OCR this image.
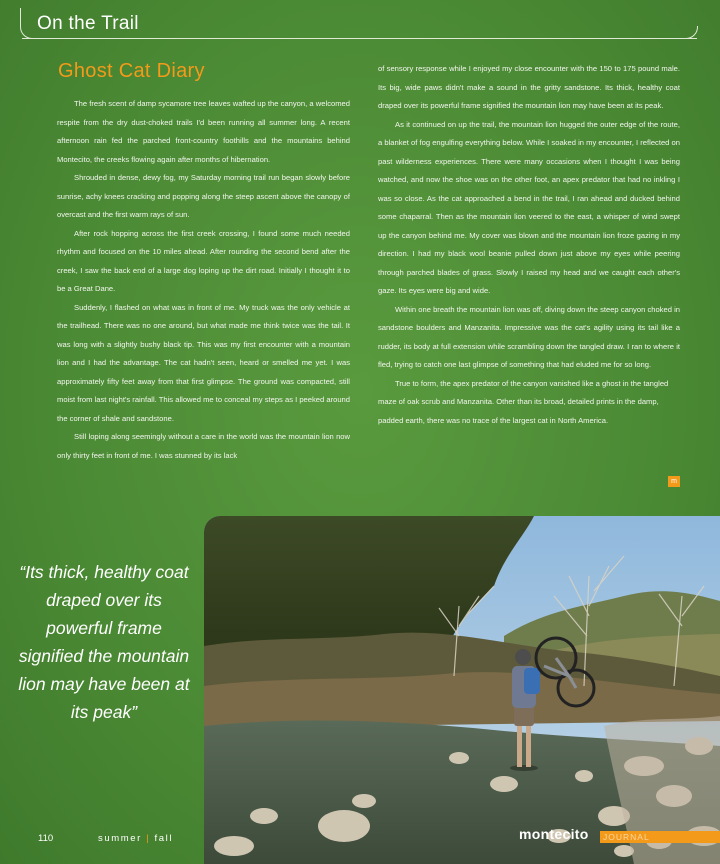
On the Trail
Ghost Cat Diary

The fresh scent of damp sycamore tree leaves wafted up the canyon, a welcomed respite from the dry dust-choked trails I'd been running all summer long. A recent afternoon rain fed the parched front-country foothills and the mountains behind Montecito, the creeks flowing again after months of hibernation.

Shrouded in dense, dewy fog, my Saturday morning trail run began slowly before sunrise, achy knees cracking and popping along the steep ascent above the canopy of overcast and the first warm rays of sun.

After rock hopping across the first creek crossing, I found some much needed rhythm and focused on the 10 miles ahead. After rounding the second bend after the creek, I saw the back end of a large dog loping up the dirt road. Initially I thought it to be a Great Dane.

Suddenly, I flashed on what was in front of me. My truck was the only vehicle at the trailhead. There was no one around, but what made me think twice was the tail. It was long with a slightly bushy black tip. This was my first encounter with a mountain lion and I had the advantage. The cat hadn't seen, heard or smelled me yet. I was approximately fifty feet away from that first glimpse. The ground was compacted, still moist from last night's rainfall. This allowed me to conceal my steps as I peeked around the corner of shale and sandstone.

Still loping along seemingly without a care in the world was the mountain lion now only thirty feet in front of me. I was stunned by its lack

of sensory response while I enjoyed my close encounter with the 150 to 175 pound male. Its big, wide paws didn't make a sound in the gritty sandstone. Its thick, healthy coat draped over its powerful frame signified the mountain lion may have been at its peak.

As it continued on up the trail, the mountain lion hugged the outer edge of the route, a blanket of fog engulfing everything below. While I soaked in my encounter, I reflected on past wilderness experiences. There were many occasions when I thought I was being watched, and now the shoe was on the other foot, an apex predator that had no inkling I was so close. As the cat approached a bend in the trail, I ran ahead and ducked behind some chaparral. Then as the mountain lion veered to the east, a whisper of wind swept up the canyon behind me. My cover was blown and the mountain lion froze gazing in my direction. I had my black wool beanie pulled down just above my eyes while peering through parched blades of grass. Slowly I raised my head and we caught each other's gaze. Its eyes were big and wide.

Within one breath the mountain lion was off, diving down the steep canyon choked in sandstone boulders and Manzanita. Impressive was the cat's agility using its tail like a rudder, its body at full extension while scrambling down the tangled draw. I ran to where it fled, trying to catch one last glimpse of something that had eluded me for so long.

True to form, the apex predator of the canyon vanished like a ghost in the tangled maze of oak scrub and Manzanita. Other than its broad, detailed prints in the damp, padded earth, there was no trace of the largest cat in North America.

m
“Its thick, healthy coat draped over its powerful frame signified the mountain lion may have been at its peak”
110	summer | fall	montecito JOURNAL
